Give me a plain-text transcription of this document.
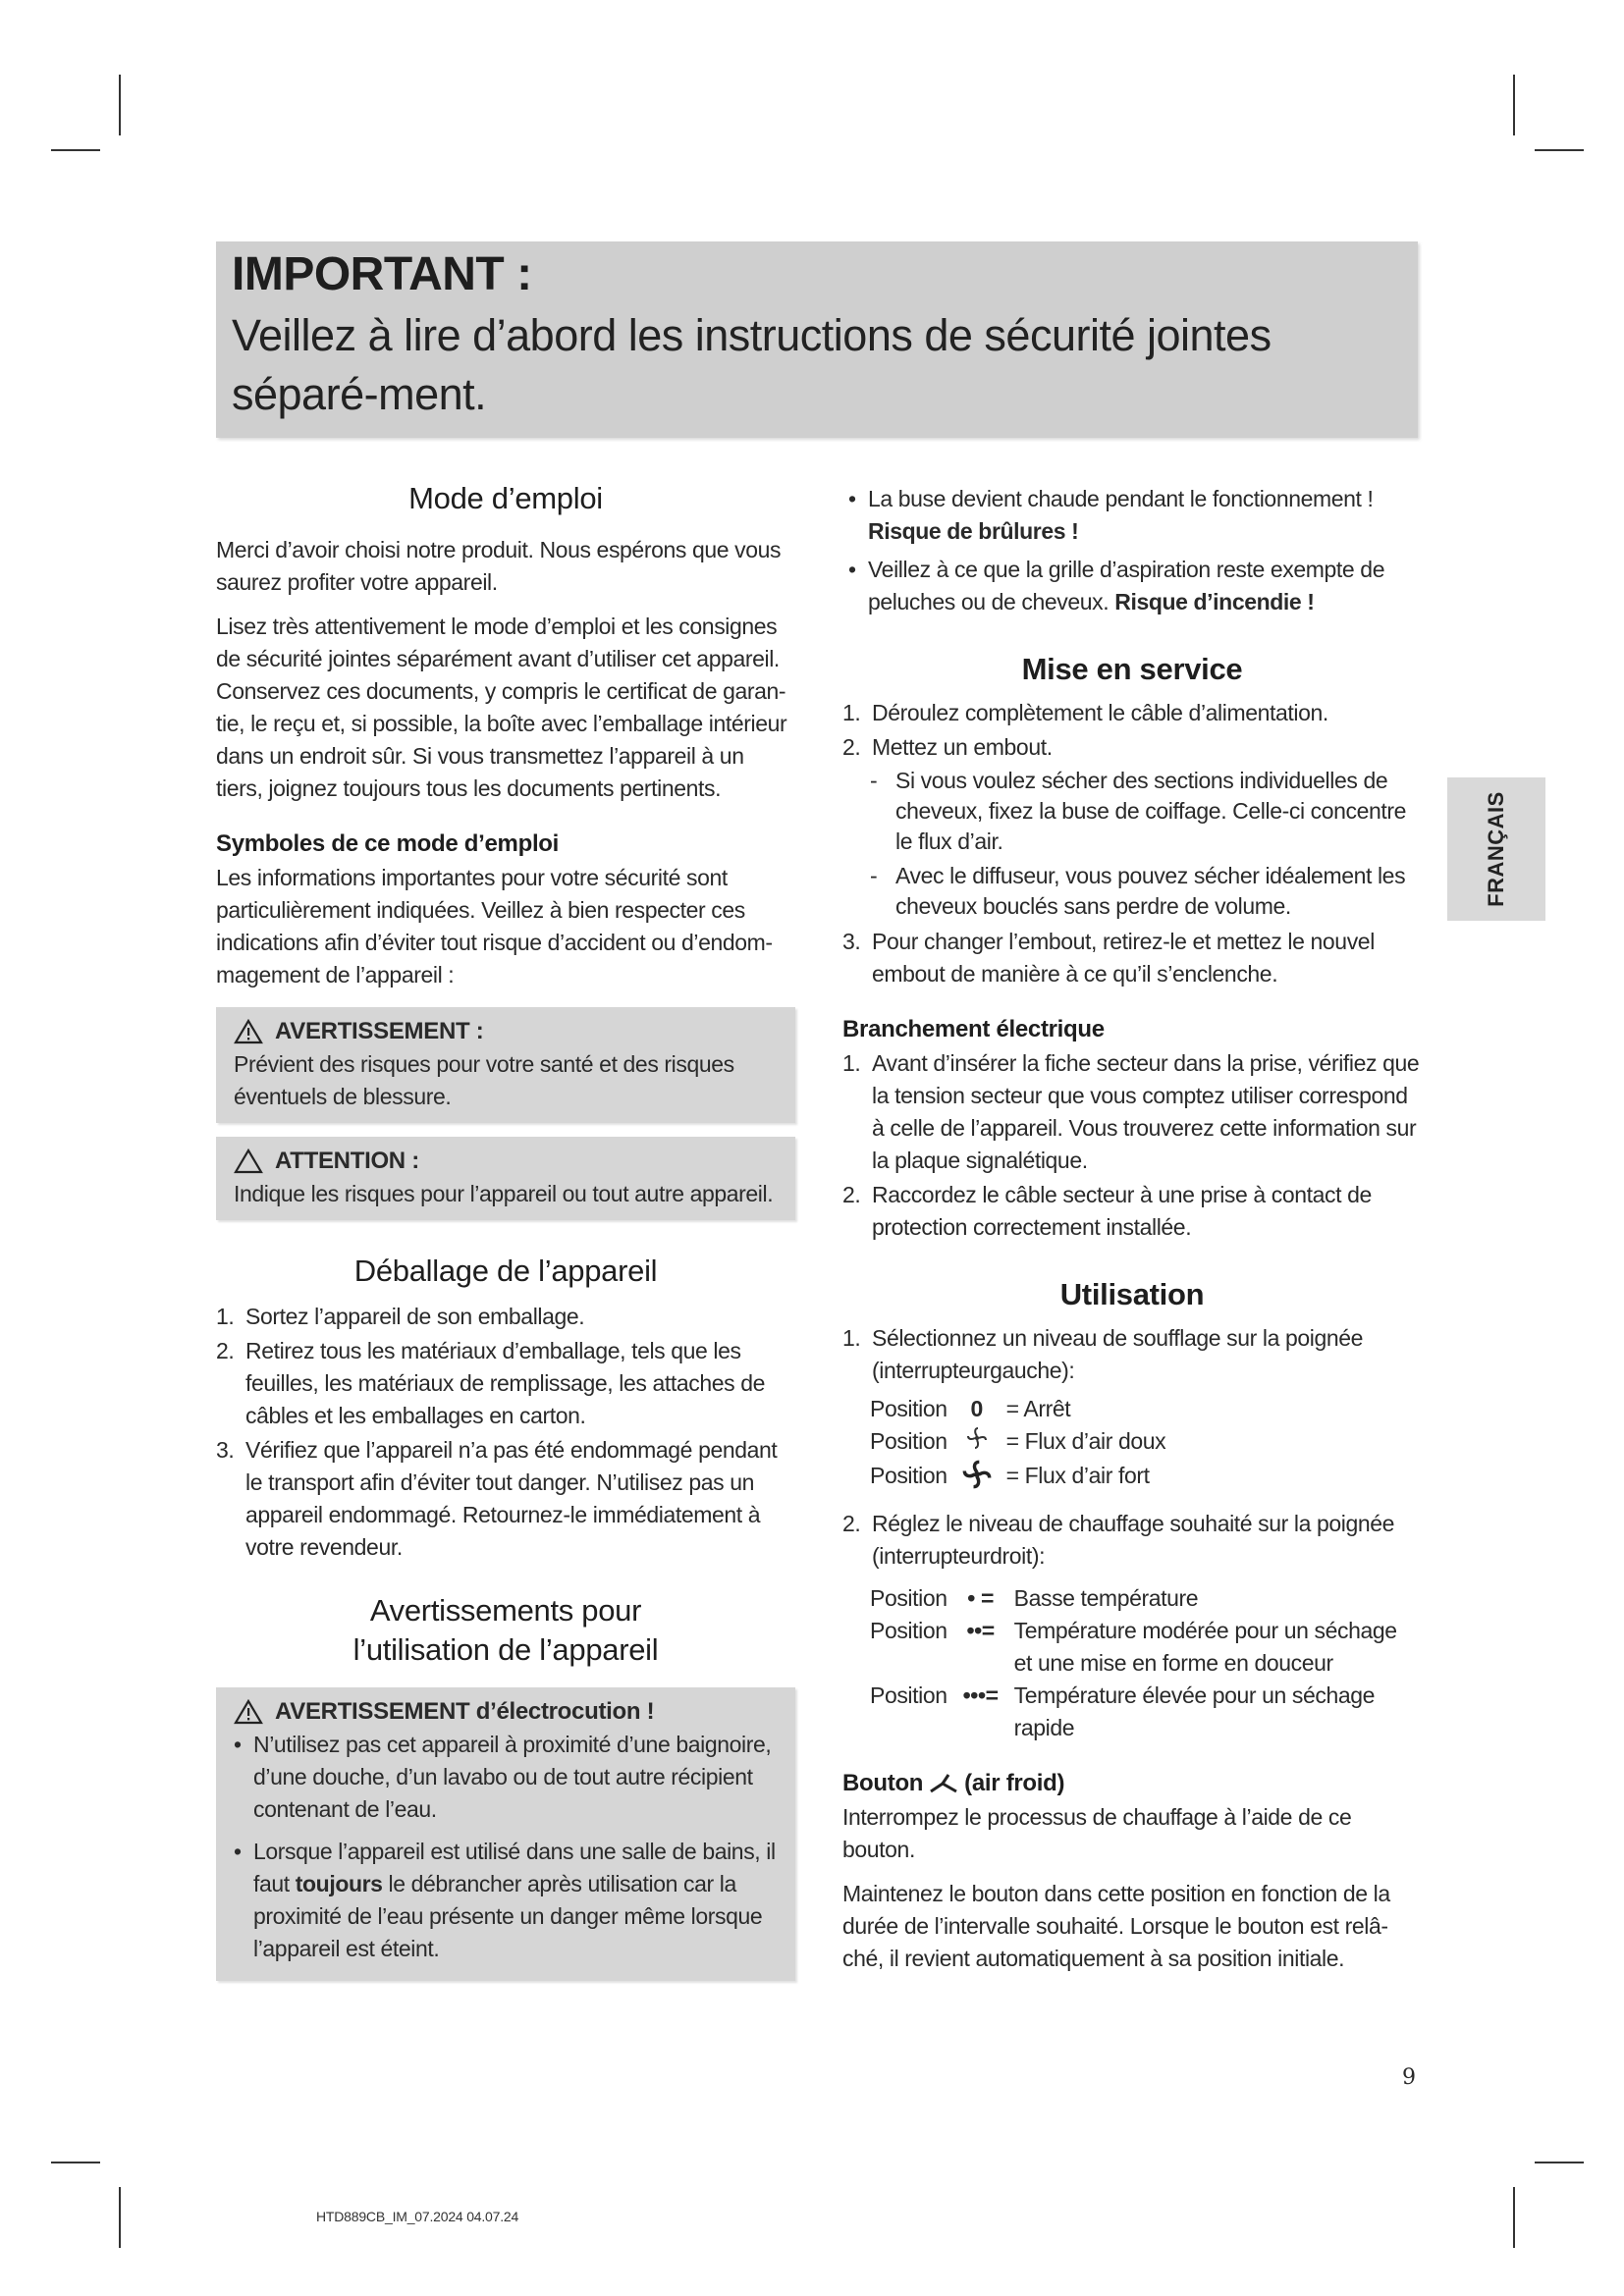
IMPORTANT :
Veillez à lire d’abord les instructions de sécurité jointes séparé-ment.
FRANÇAIS
Mode d’emploi

Merci d’avoir choisi notre produit. Nous espérons que vous saurez profiter votre appareil.

Lisez très attentivement le mode d’emploi et les consignes de sécurité jointes séparément avant d’utiliser cet appareil. Conservez ces documents, y compris le certificat de garan-tie, le reçu et, si possible, la boîte avec l’emballage intérieur dans un endroit sûr. Si vous transmettez l’appareil à un tiers, joignez toujours tous les documents pertinents.

Symboles de ce mode d’emploi

Les informations importantes pour votre sécurité sont particulièrement indiquées. Veillez à bien respecter ces indications afin d’éviter tout risque d’accident ou d’endom-magement de l’appareil :

AVERTISSEMENT :
Prévient des risques pour votre santé et des risques éventuels de blessure.
ATTENTION :
Indique les risques pour l’appareil ou tout autre appareil.
Déballage de l’appareil
1. Sortez l’appareil de son emballage.
2. Retirez tous les matériaux d’emballage, tels que les feuilles, les matériaux de remplissage, les attaches de câbles et les emballages en carton.
3. Vérifiez que l’appareil n’a pas été endommagé pendant le transport afin d’éviter tout danger. N’utilisez pas un appareil endommagé. Retournez-le immédiatement à votre revendeur.
Avertissements pour
l’utilisation de l’appareil
AVERTISSEMENT d’électrocution !
• N’utilisez pas cet appareil à proximité d’une baignoire, d’une douche, d’un lavabo ou de tout autre récipient contenant de l’eau.
• Lorsque l’appareil est utilisé dans une salle de bains, il faut toujours le débrancher après utilisation car la proximité de l’eau présente un danger même lorsque l’appareil est éteint.
• La buse devient chaude pendant le fonctionnement !
Risque de brûlures !
• Veillez à ce que la grille d’aspiration reste exempte de peluches ou de cheveux. Risque d’incendie !
Mise en service
1. Déroulez complètement le câble d’alimentation.
2. Mettez un embout.
- Si vous voulez sécher des sections individuelles de cheveux, fixez la buse de coiffage. Celle-ci concentre le flux d’air.
- Avec le diffuseur, vous pouvez sécher idéalement les cheveux bouclés sans perdre de volume.
3. Pour changer l’embout, retirez-le et mettez le nouvel embout de manière à ce qu’il s’enclenche.
Branchement électrique
1. Avant d’insérer la fiche secteur dans la prise, vérifiez que la tension secteur que vous comptez utiliser correspond à celle de l’appareil. Vous trouverez cette information sur la plaque signalétique.
2. Raccordez le câble secteur à une prise à contact de protection correctement installée.
Utilisation
1. Sélectionnez un niveau de soufflage sur la poignée (interrupteurgauche):
Position	0	= Arrêt
Position		= Flux d’air doux
Position		= Flux d’air fort
2. Réglez le niveau de chauffage souhaité sur la poignée (interrupteurdroit):
Position	• =	Basse température
Position	••=	Température modérée pour un séchage et une mise en forme en douceur
Position	•••=	Température élevée pour un séchage rapide
Bouton (air froid)

Interrompez le processus de chauffage à l’aide de ce bouton.

Maintenez le bouton dans cette position en fonction de la durée de l’intervalle souhaité. Lorsque le bouton est relâ-ché, il revient automatiquement à sa position initiale.

9
HTD889CB_IM_07.2024 04.07.24
